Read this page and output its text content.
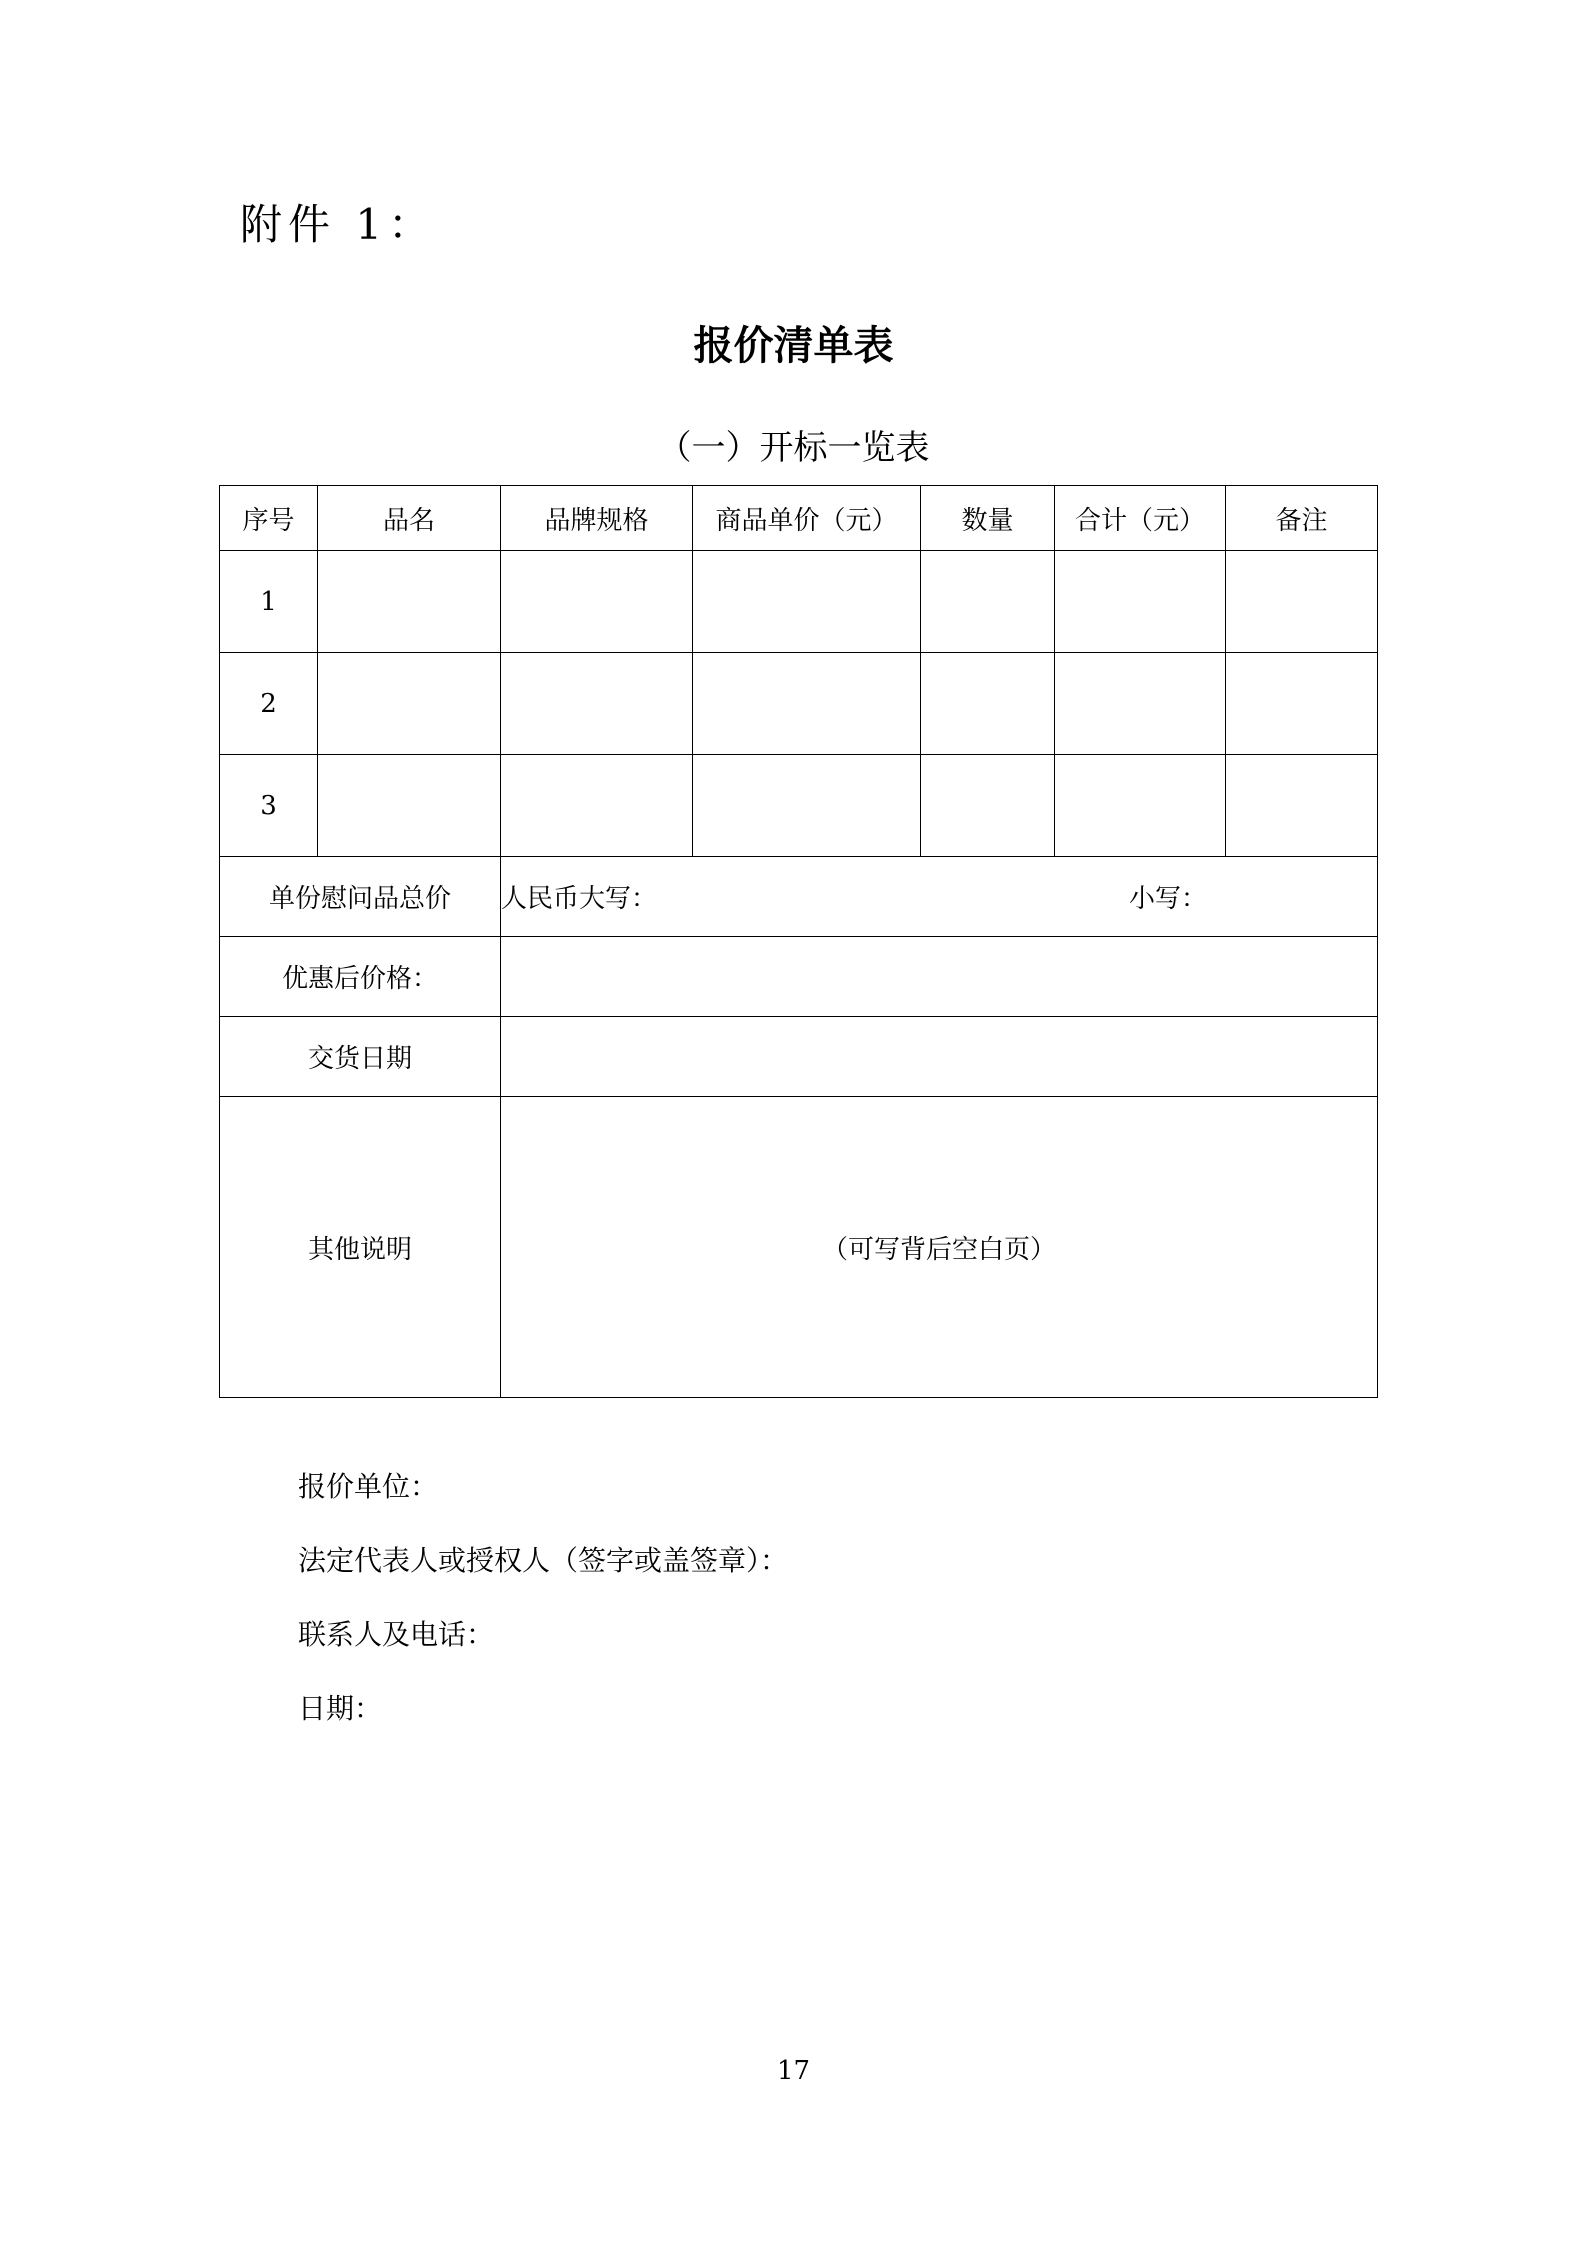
附件 1：
报价清单表
（一）开标一览表
序号	品名	品牌规格	商品单价（元）	数量	合计（元）	备注
1						
2						
3						
单份慰问品总价		人民币大写： 小写：				

优惠后价格：						
交货日期						
其他说明		（可写背后空白页）				
报价单位：
法定代表人或授权人（签字或盖签章）：
联系人及电话：
日期：
17
